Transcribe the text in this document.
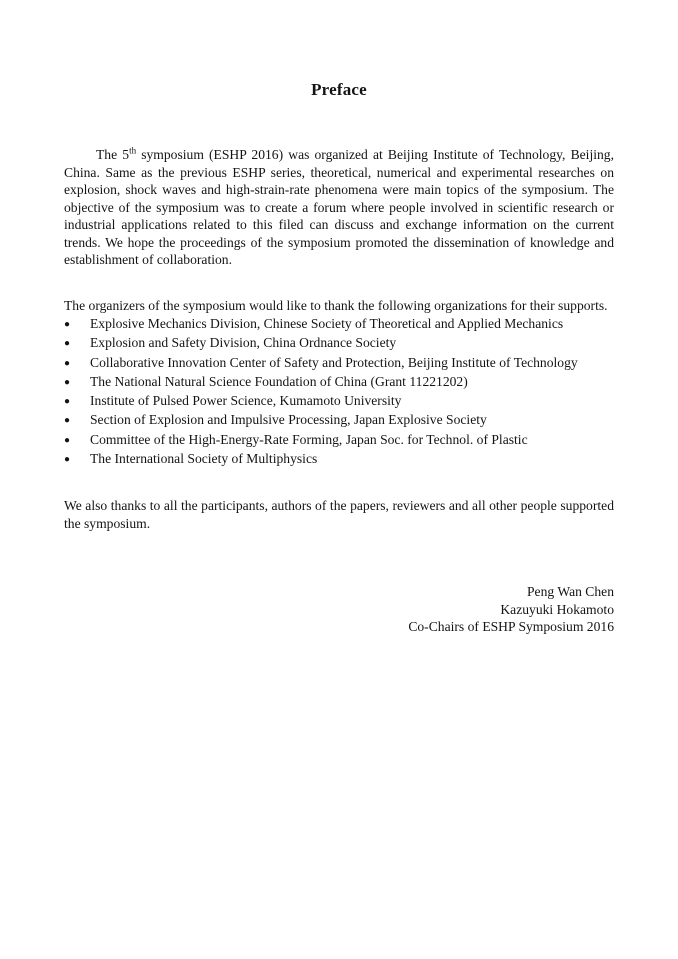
Preface

The 5th symposium (ESHP 2016) was organized at Beijing Institute of Technology, Beijing, China. Same as the previous ESHP series, theoretical, numerical and experimental researches on explosion, shock waves and high-strain-rate phenomena were main topics of the symposium. The objective of the symposium was to create a forum where people involved in scientific research or industrial applications related to this filed can discuss and exchange information on the current trends. We hope the proceedings of the symposium promoted the dissemination of knowledge and establishment of collaboration.

The organizers of the symposium would like to thank the following organizations for their supports.

●	Explosive Mechanics Division, Chinese Society of Theoretical and Applied Mechanics
●	Explosion and Safety Division, China Ordnance Society
●	Collaborative Innovation Center of Safety and Protection, Beijing Institute of Technology
●	The National Natural Science Foundation of China (Grant 11221202)
●	Institute of Pulsed Power Science, Kumamoto University
●	Section of Explosion and Impulsive Processing, Japan Explosive Society
●	Committee of the High-Energy-Rate Forming, Japan Soc. for Technol. of Plastic
●	The International Society of Multiphysics

We also thanks to all the participants, authors of the papers, reviewers and all other people supported the symposium.

Peng Wan Chen
Kazuyuki Hokamoto
Co-Chairs of ESHP Symposium 2016
